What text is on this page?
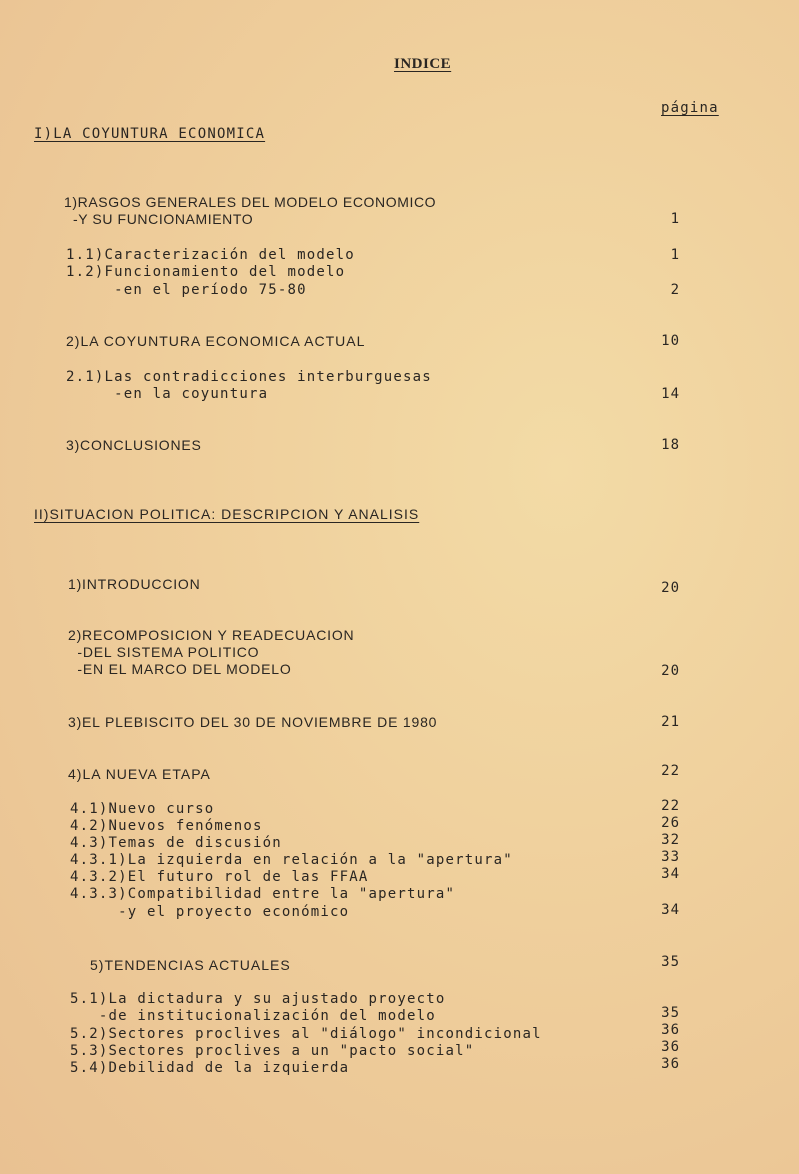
INDICE
página
I)LA COYUNTURA ECONOMICA
1)RASGOS GENERALES DEL MODELO ECONOMICO
-Y SU FUNCIONAMIENTO	1
1.1)Caracterización del modelo	1
1.2)Funcionamiento del modelo
-en el período 75-80	2
2)LA COYUNTURA ECONOMICA ACTUAL	10
2.1)Las contradicciones interburguesas
-en la coyuntura	14
3)CONCLUSIONES	18
II)SITUACION POLITICA: DESCRIPCION Y ANALISIS
1)INTRODUCCION	20
2)RECOMPOSICION Y READECUACION
-DEL SISTEMA POLITICO
-EN EL MARCO DEL MODELO	20
3)EL PLEBISCITO DEL 30 DE NOVIEMBRE DE 1980	21
4)LA NUEVA ETAPA	22
4.1)Nuevo curso	22
4.2)Nuevos fenómenos	26
4.3)Temas de discusión	32
4.3.1)La izquierda en relación a la "apertura"	33
4.3.2)El futuro rol de las FFAA	34
4.3.3)Compatibilidad entre la "apertura"
-y el proyecto económico	34
5)TENDENCIAS ACTUALES	35
5.1)La dictadura y su ajustado proyecto
-de institucionalización del modelo	35
5.2)Sectores proclives al "diálogo" incondicional	36
5.3)Sectores proclives a un "pacto social"	36
5.4)Debilidad de la izquierda	36
